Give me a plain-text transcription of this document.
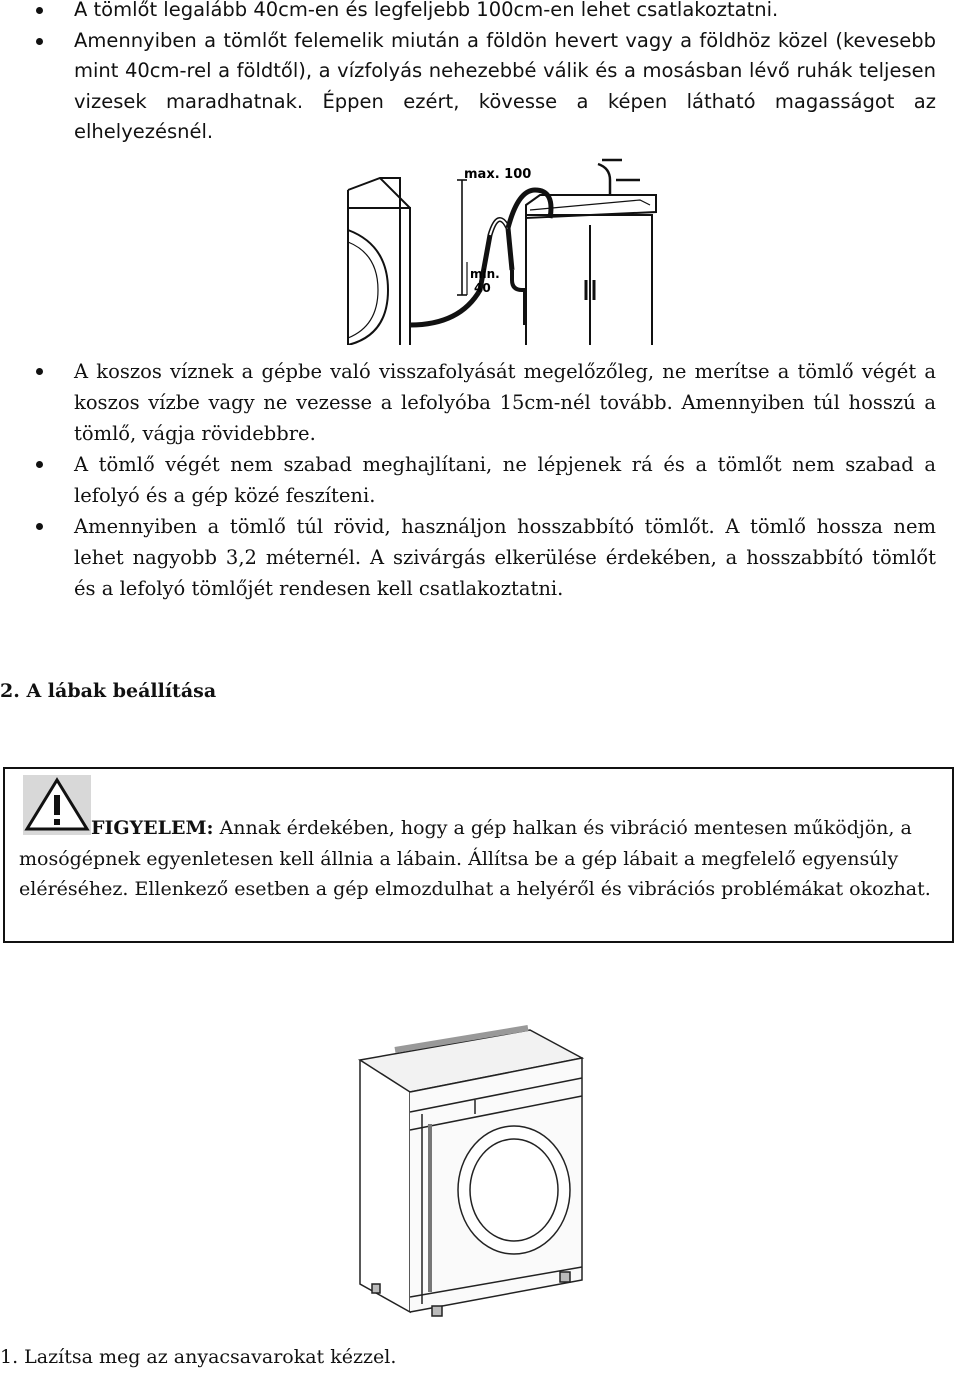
A tömlőt legalább 40cm-en és legfeljebb 100cm-en lehet csatlakoztatni.
Amennyiben a tömlőt felemelik miután a földön hevert vagy a földhöz közel (kevesebb mint 40cm-rel a földtől), a vízfolyás nehezebbé válik és a mosásban lévő ruhák teljesen vizesek maradhatnak. Éppen ezért, kövesse a képen látható magasságot az elhelyezésnél.
max. 100
min.
40
A koszos víznek a gépbe való visszafolyását megelőzőleg, ne merítse a tömlő végét a koszos vízbe vagy ne vezesse a lefolyóba 15cm-nél tovább. Amennyiben túl hosszú a tömlő, vágja rövidebbre.
A tömlő végét nem szabad meghajlítani, ne lépjenek rá és a tömlőt nem szabad a lefolyó és a gép közé feszíteni.
Amennyiben a tömlő túl rövid, használjon hosszabbító tömlőt. A tömlő hossza nem lehet nagyobb 3,2 méternél. A szivárgás elkerülése érdekében, a hosszabbító tömlőt és a lefolyó tömlőjét rendesen kell csatlakoztatni.
2. A lábak beállítása
FIGYELEM: Annak érdekében, hogy a gép halkan és vibráció mentesen működjön, a mosógépnek egyenletesen kell állnia a lábain. Állítsa be a gép lábait a megfelelő egyensúly eléréséhez. Ellenkező esetben a gép elmozdulhat a helyéről és vibrációs problémákat okozhat.
1. Lazítsa meg az anyacsavarokat kézzel.
